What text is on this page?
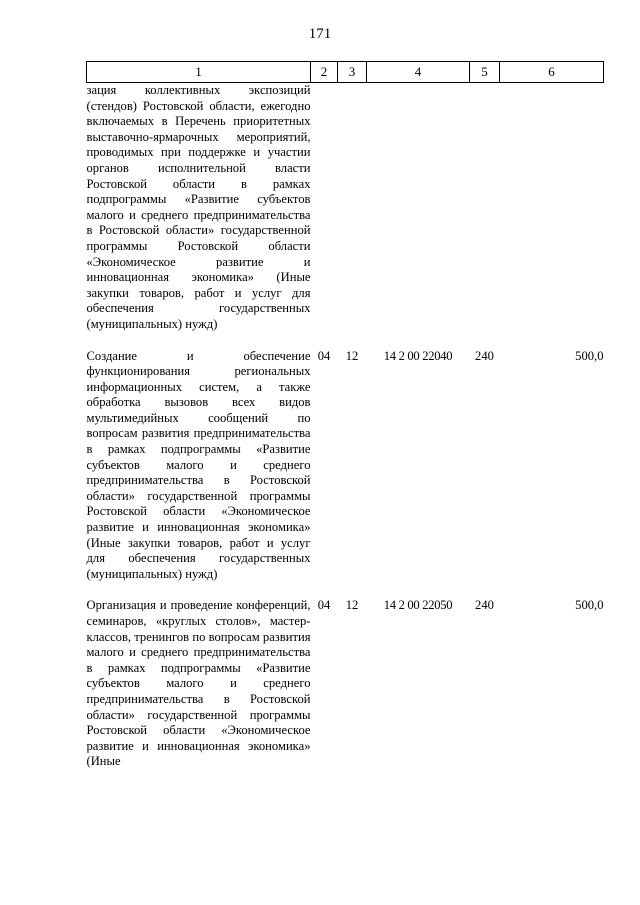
171
1	2	3	4	5	6
зация коллективных экспозиций (стендов) Ростовской области, ежегодно включаемых в Перечень приоритетных выставочно-ярмарочных мероприятий, проводимых при поддержке и участии органов исполнительной власти Ростовской области в рамках подпрограммы «Развитие субъектов малого и среднего предпринимательства в Ростовской области» государственной программы Ростовской области «Экономическое развитие и инновационная экономика» (Иные закупки товаров, работ и услуг для обеспечения государственных (муниципальных) нужд)					

Создание и обеспечение функционирования региональных информационных систем, а также обработка вызовов всех видов мультимедийных сообщений по вопросам развития предпринимательства в рамках подпрограммы «Развитие субъектов малого и среднего предпринимательства в Ростовской области» государственной программы Ростовской области «Экономическое развитие и инновационная экономика» (Иные закупки товаров, работ и услуг для обеспечения государственных (муниципальных) нужд)	04	12	14 2 00 22040	240	500,0

Организация и проведение конференций, семинаров, «круглых столов», мастер-классов, тренингов по вопросам развития малого и среднего предпринимательства в рамках подпрограммы «Развитие субъектов малого и среднего предпринимательства в Ростовской области» государственной программы Ростовской области «Экономическое развитие и инновационная экономика» (Иные	04	12	14 2 00 22050	240	500,0
